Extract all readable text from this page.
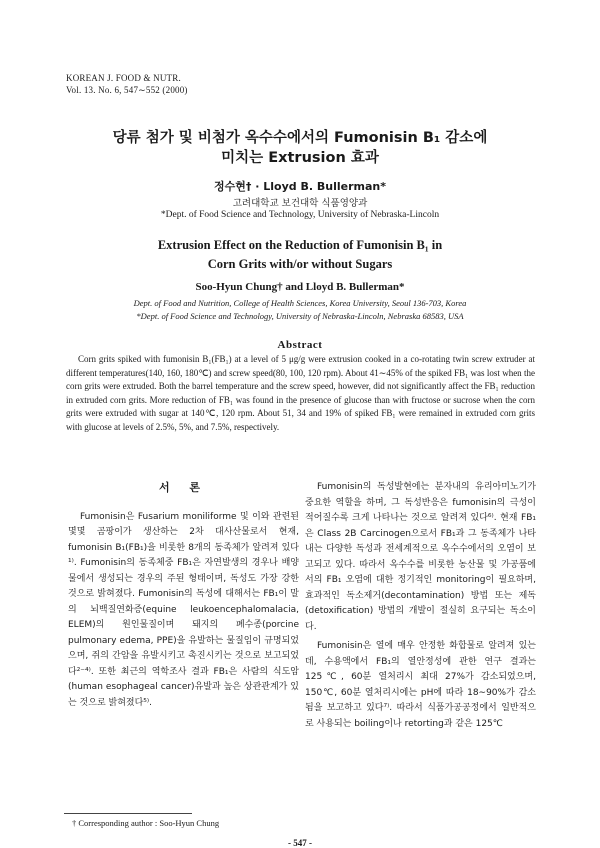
KOREAN J. FOOD & NUTR.
Vol. 13. No. 6, 547∼552 (2000)
당류 첨가 및 비첨가 옥수수에서의 Fumonisin B₁ 감소에
미치는 Extrusion 효과
정수현† · Lloyd B. Bullerman*
고려대학교 보건대학 식품영양과
*Dept. of Food Science and Technology, University of Nebraska-Lincoln
Extrusion Effect on the Reduction of Fumonisin B₁ in
Corn Grits with/or without Sugars
Soo-Hyun Chung† and Lloyd B. Bullerman*
Dept. of Food and Nutrition, College of Health Sciences, Korea University, Seoul 136-703, Korea
*Dept. of Food Science and Technology, University of Nebraska-Lincoln, Nebraska 68583, USA
Abstract
Corn grits spiked with fumonisin B₁(FB₁) at a level of 5 μg/g were extrusion cooked in a co-rotating twin screw extruder at different temperatures(140, 160, 180℃) and screw speed(80, 100, 120 rpm). About 41∼45% of the spiked FB₁ was lost when the corn grits were extruded. Both the barrel temperature and the screw speed, however, did not significantly affect the FB₁ reduction in extruded corn grits. More reduction of FB₁ was found in the presence of glucose than with fructose or sucrose when the corn grits were extruded with sugar at 140℃, 120 rpm. About 51, 34 and 19% of spiked FB₁ were remained in extruded corn grits with glucose at levels of 2.5%, 5%, and 7.5%, respectively.
서 론

Fumonisin은 Fusarium moniliforme 및 이와 관련된 몇몇 곰팡이가 생산하는 2차 대사산물로서 현재, fumonisin B₁(FB₁)을 비롯한 8개의 동족체가 알려져 있다¹⁾. Fumonisin의 동족체중 FB₁은 자연발생의 경우나 배양물에서 생성되는 경우의 주된 형태이며, 독성도 가장 강한 것으로 밝혀졌다. Fumonisin의 독성에 대해서는 FB₁이 말의 뇌백질연화증(equine leukoencephalomalacia, ELEM)의 원인물질이며 돼지의 폐수종(porcine pulmonary edema, PPE)을 유발하는 물질임이 규명되었으며, 쥐의 간암을 유발시키고 촉진시키는 것으로 보고되었다²⁻⁴⁾. 또한 최근의 역학조사 결과 FB₁은 사람의 식도암(human esophageal cancer)유발과 높은 상관관계가 있는 것으로 밝혀졌다⁵⁾.

Fumonisin의 독성발현에는 분자내의 유리아미노기가 중요한 역할을 하며, 그 독성반응은 fumonisin의 극성이 적어질수록 크게 나타나는 것으로 알려져 있다⁶⁾. 현재 FB₁은 Class 2B Carcinogen으로서 FB₁과 그 동족체가 나타내는 다양한 독성과 전세계적으로 옥수수에서의 오염이 보고되고 있다. 따라서 옥수수를 비롯한 농산물 및 가공품에서의 FB₁ 오염에 대한 정기적인 monitoring이 필요하며, 효과적인 독소제거(decontamination) 방법 또는 제독(detoxification) 방법의 개발이 절실히 요구되는 독소이다.

Fumonisin은 열에 매우 안정한 화합물로 알려져 있는데, 수용액에서 FB₁의 열안정성에 관한 연구 결과는 125℃, 60분 열처리시 최대 27%가 감소되었으며, 150℃, 60분 열처리시에는 pH에 따라 18∼90%가 감소됨을 보고하고 있다⁷⁾. 따라서 식품가공공정에서 일반적으로 사용되는 boiling이나 retorting과 같은 125℃

† Corresponding author : Soo-Hyun Chung
- 547 -
